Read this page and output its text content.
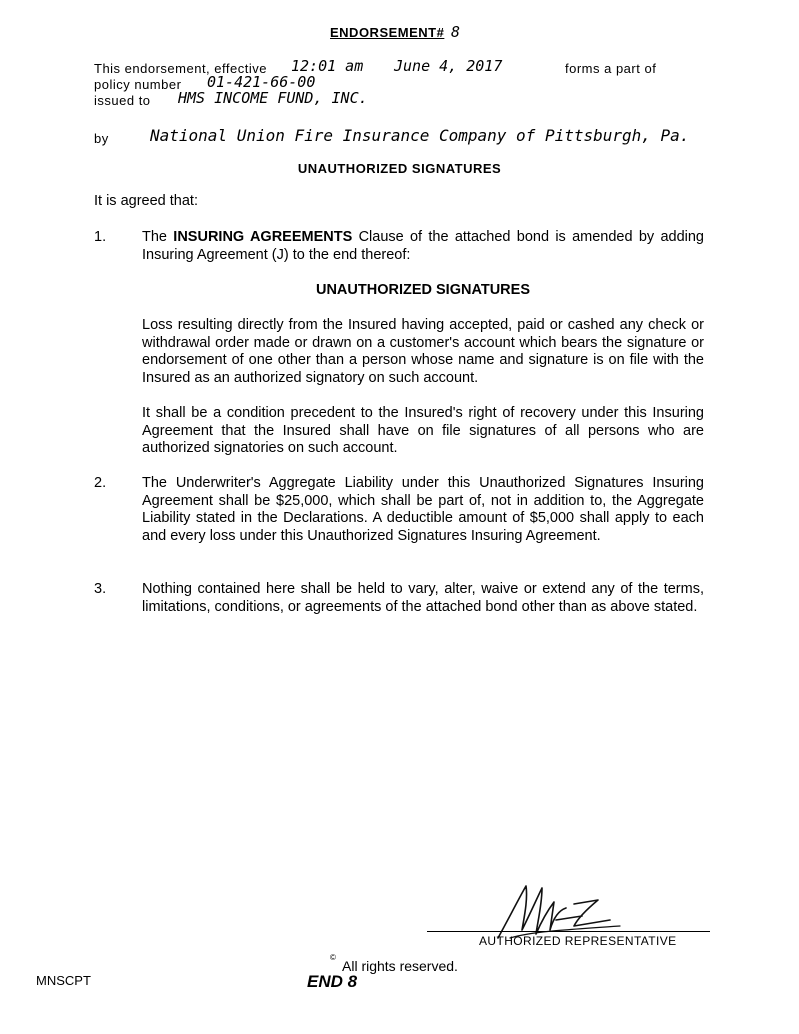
ENDORSEMENT# 8
This endorsement, effective 12:01 am June 4, 2017	forms a part of
policy number 01-421-66-00
issued to HMS INCOME FUND, INC.
by	National Union Fire Insurance Company of Pittsburgh, Pa.
UNAUTHORIZED SIGNATURES
It is agreed that:
1. The INSURING AGREEMENTS Clause of the attached bond is amended by adding Insuring Agreement (J) to the end thereof:
UNAUTHORIZED SIGNATURES
Loss resulting directly from the Insured having accepted, paid or cashed any check or withdrawal order made or drawn on a customer's account which bears the signature or endorsement of one other than a person whose name and signature is on file with the Insured as an authorized signatory on such account.
It shall be a condition precedent to the Insured's right of recovery under this Insuring Agreement that the Insured shall have on file signatures of all persons who are authorized signatories on such account.
2. The Underwriter's Aggregate Liability under this Unauthorized Signatures Insuring Agreement shall be $25,000, which shall be part of, not in addition to, the Aggregate Liability stated in the Declarations. A deductible amount of $5,000 shall apply to each and every loss under this Unauthorized Signatures Insuring Agreement.
3. Nothing contained here shall be held to vary, alter, waive or extend any of the terms, limitations, conditions, or agreements of the attached bond other than as above stated.
AUTHORIZED REPRESENTATIVE
©
All rights reserved.
MNSCPT	END 8
